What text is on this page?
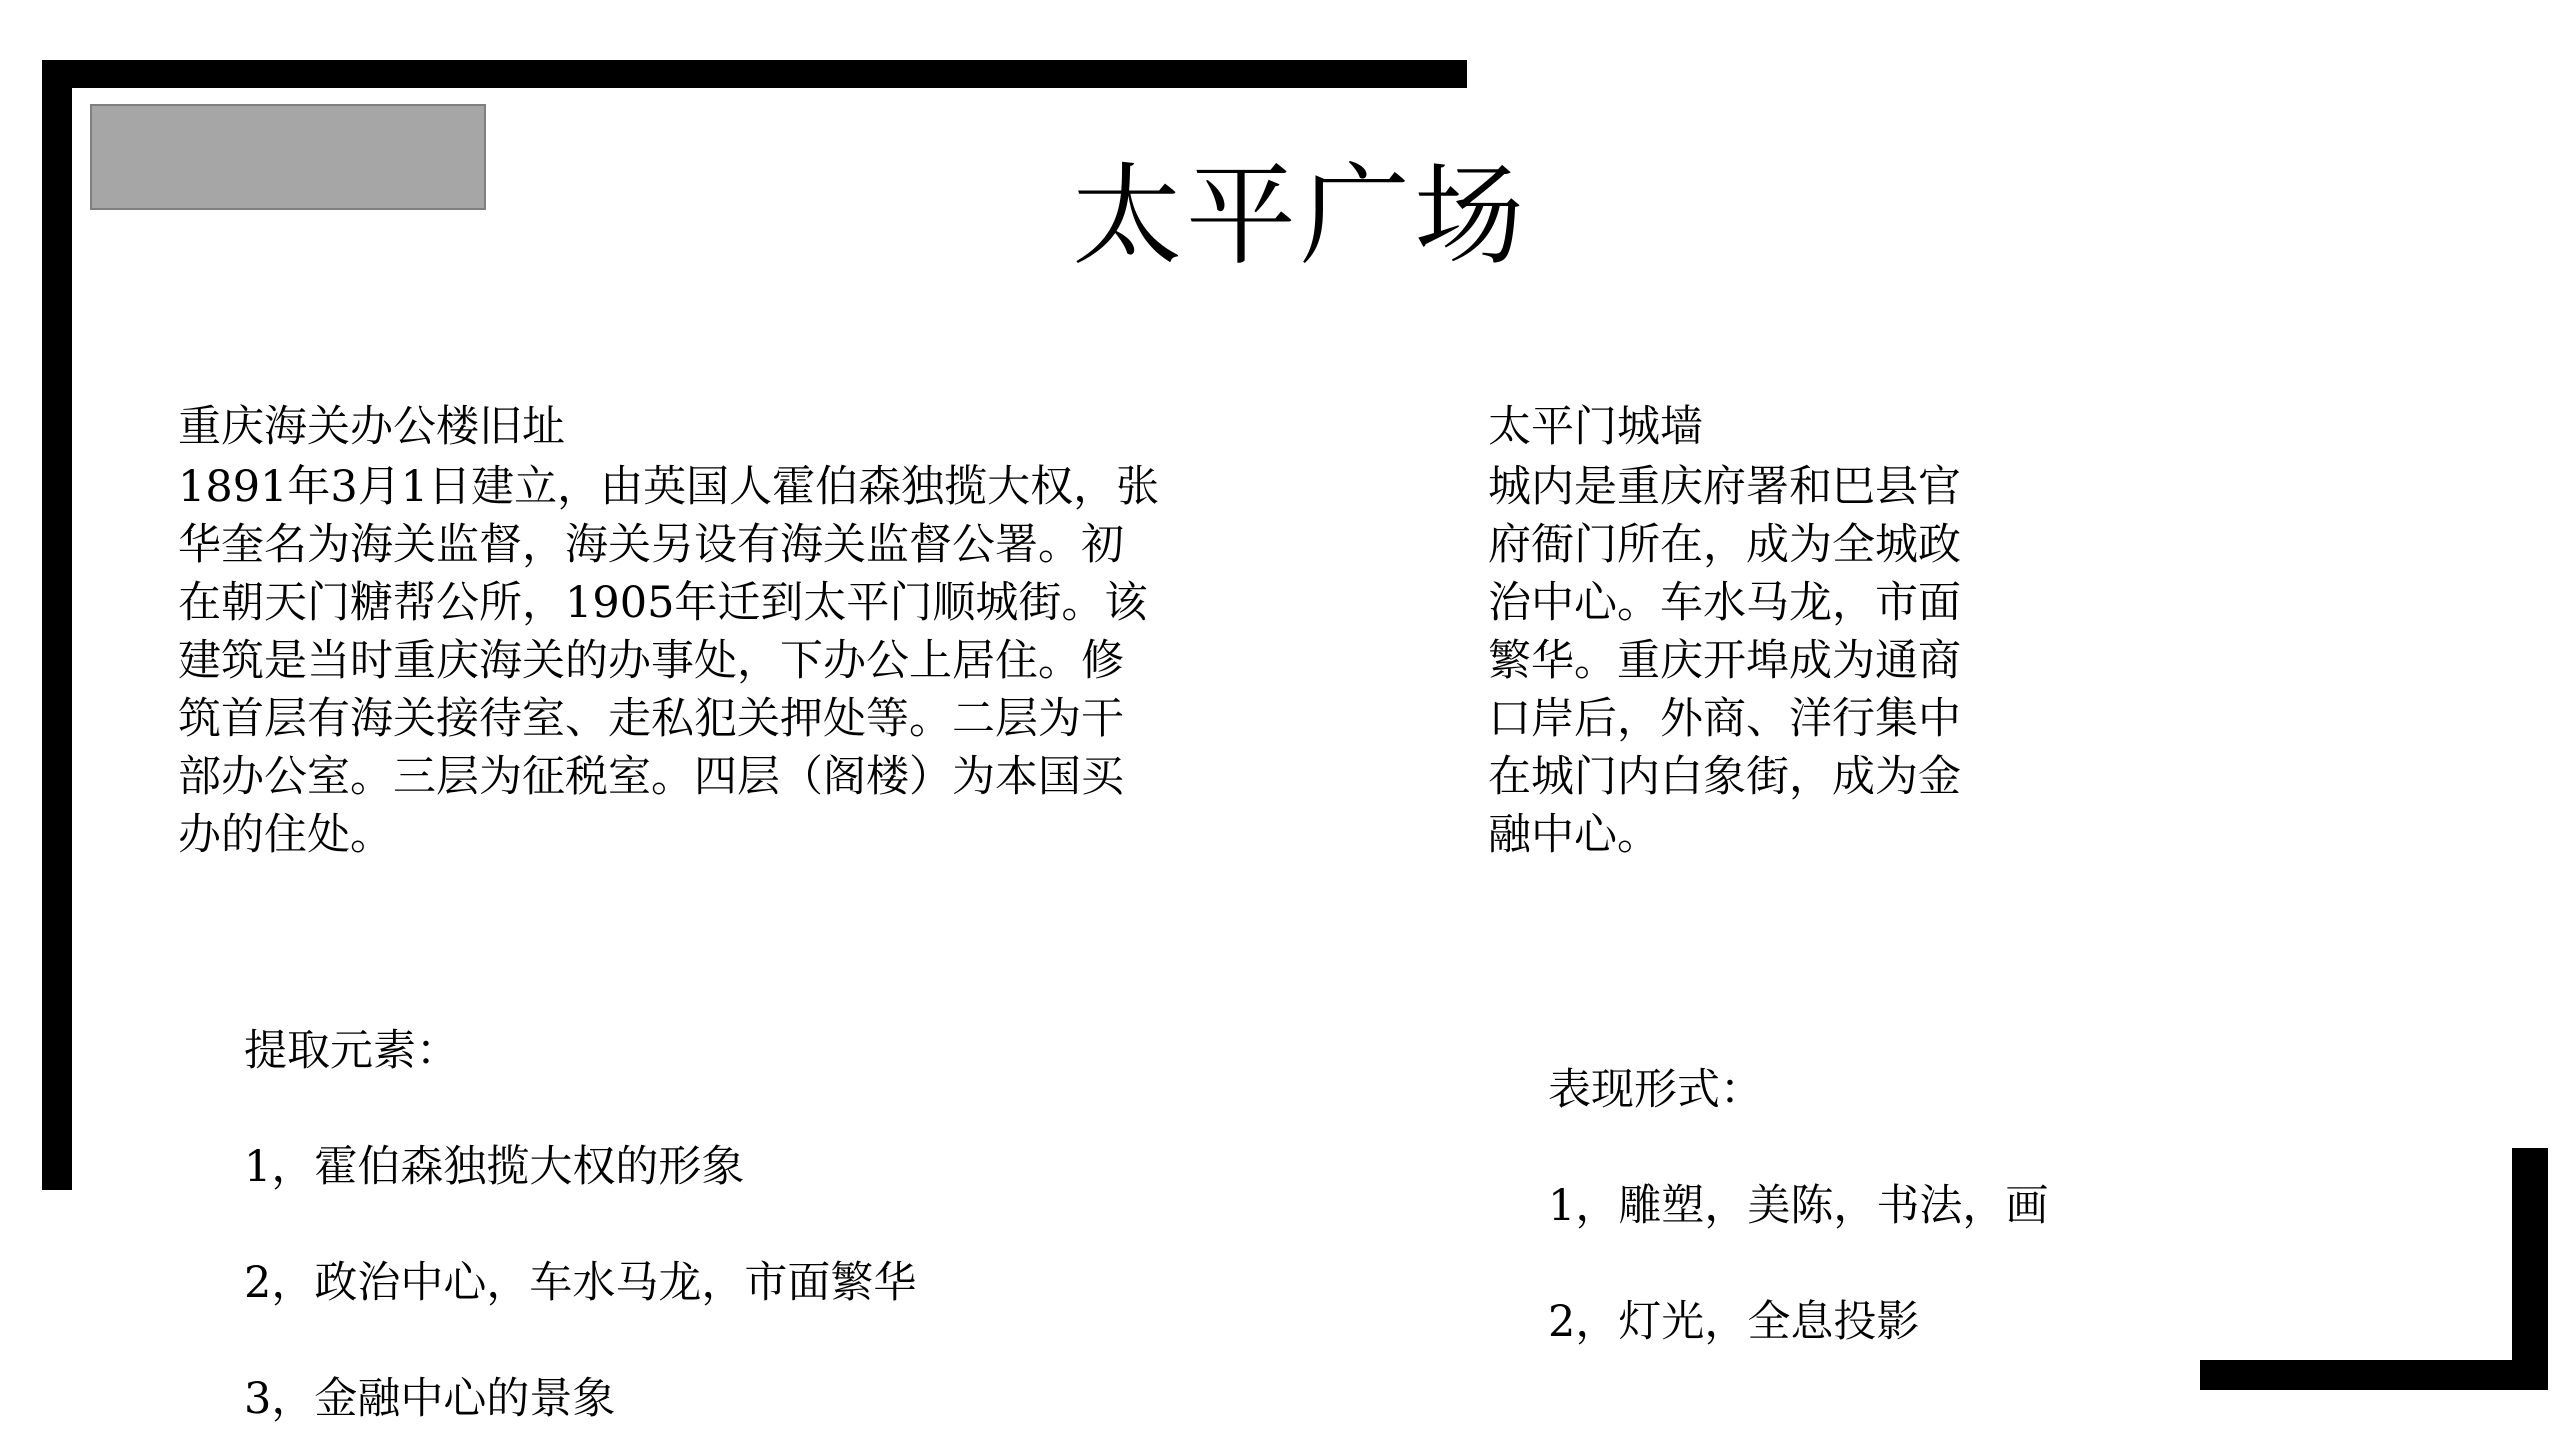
太平广场
重庆海关办公楼旧址
1891年3月1日建立，由英国人霍伯森独揽大权，张
华奎名为海关监督，海关另设有海关监督公署。初
在朝天门糖帮公所，1905年迁到太平门顺城街。该
建筑是当时重庆海关的办事处，下办公上居住。修
筑首层有海关接待室、走私犯关押处等。二层为干
部办公室。三层为征税室。四层（阁楼）为本国买
办的住处。
太平门城墙
城内是重庆府署和巴县官
府衙门所在，成为全城政
治中心。车水马龙，市面
繁华。重庆开埠成为通商
口岸后，外商、洋行集中
在城门内白象街，成为金
融中心。

提取元素：

1，霍伯森独揽大权的形象

2，政治中心，车水马龙，市面繁华

3，金融中心的景象

表现形式：

1，雕塑，美陈，书法，画

2，灯光，全息投影
